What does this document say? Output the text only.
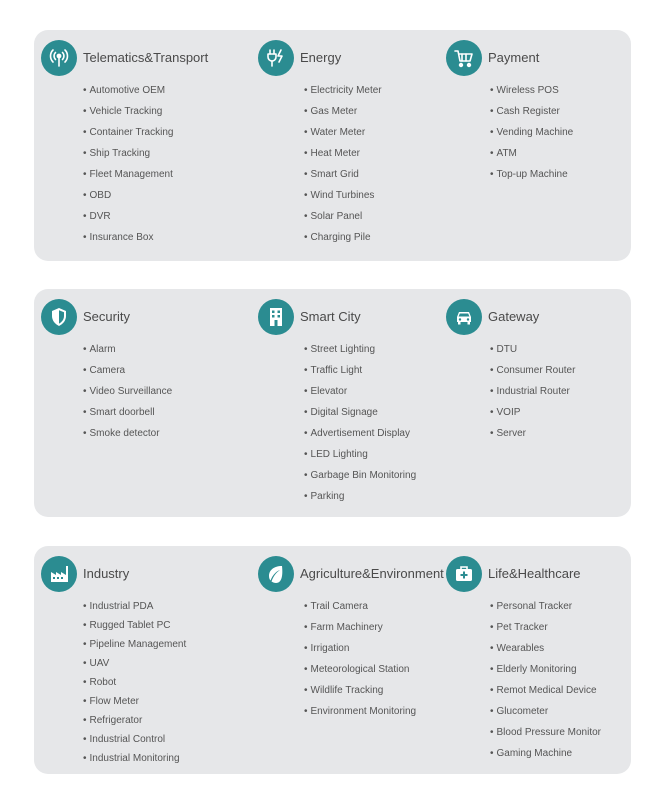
Telematics&Transport
• Automotive OEM
• Vehicle Tracking
• Container Tracking
• Ship Tracking
• Fleet Management
• OBD
• DVR
• Insurance Box
Energy
• Electricity Meter
• Gas Meter
• Water Meter
• Heat Meter
• Smart Grid
• Wind Turbines
• Solar Panel
• Charging Pile
Payment
• Wireless POS
• Cash Register
• Vending Machine
• ATM
• Top-up Machine
Security
• Alarm
• Camera
• Video Surveillance
• Smart doorbell
• Smoke detector
Smart City
• Street Lighting
• Traffic Light
• Elevator
• Digital Signage
• Advertisement Display
• LED Lighting
• Garbage Bin Monitoring
• Parking
Gateway
• DTU
• Consumer Router
• Industrial Router
• VOIP
• Server
Industry
• Industrial PDA
• Rugged Tablet PC
• Pipeline Management
• UAV
• Robot
• Flow Meter
• Refrigerator
• Industrial Control
• Industrial Monitoring
Agriculture&Environment
• Trail Camera
• Farm Machinery
• Irrigation
• Meteorological Station
• Wildlife Tracking
• Environment Monitoring
Life&Healthcare
• Personal Tracker
• Pet Tracker
• Wearables
• Elderly Monitoring
• Remot Medical Device
• Glucometer
• Blood Pressure Monitor
• Gaming Machine
